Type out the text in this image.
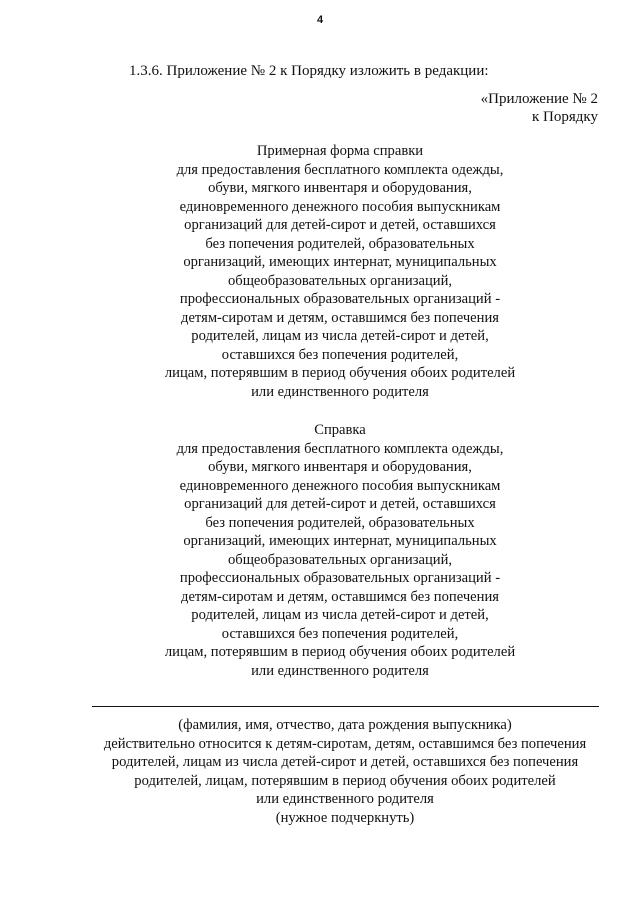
4
1.3.6. Приложение № 2 к Порядку изложить в редакции:
«Приложение № 2
к Порядку
Примерная форма справки
для предоставления бесплатного комплекта одежды,
обуви, мягкого инвентаря и оборудования,
единовременного денежного пособия выпускникам
организаций для детей-сирот и детей, оставшихся
без попечения родителей, образовательных
организаций, имеющих интернат, муниципальных
общеобразовательных организаций,
профессиональных образовательных организаций -
детям-сиротам и детям, оставшимся без попечения
родителей, лицам из числа детей-сирот и детей,
оставшихся без попечения родителей,
лицам, потерявшим в период обучения обоих родителей
или единственного родителя
Справка
для предоставления бесплатного комплекта одежды,
обуви, мягкого инвентаря и оборудования,
единовременного денежного пособия выпускникам
организаций для детей-сирот и детей, оставшихся
без попечения родителей, образовательных
организаций, имеющих интернат, муниципальных
общеобразовательных организаций,
профессиональных образовательных организаций -
детям-сиротам и детям, оставшимся без попечения
родителей, лицам из числа детей-сирот и детей,
оставшихся без попечения родителей,
лицам, потерявшим в период обучения обоих родителей
или единственного родителя
(фамилия, имя, отчество, дата рождения выпускника)
действительно относится к детям-сиротам, детям, оставшимся без попечения
родителей, лицам из числа детей-сирот и детей, оставшихся без попечения
родителей, лицам, потерявшим в период обучения обоих родителей
или единственного родителя
(нужное подчеркнуть)
